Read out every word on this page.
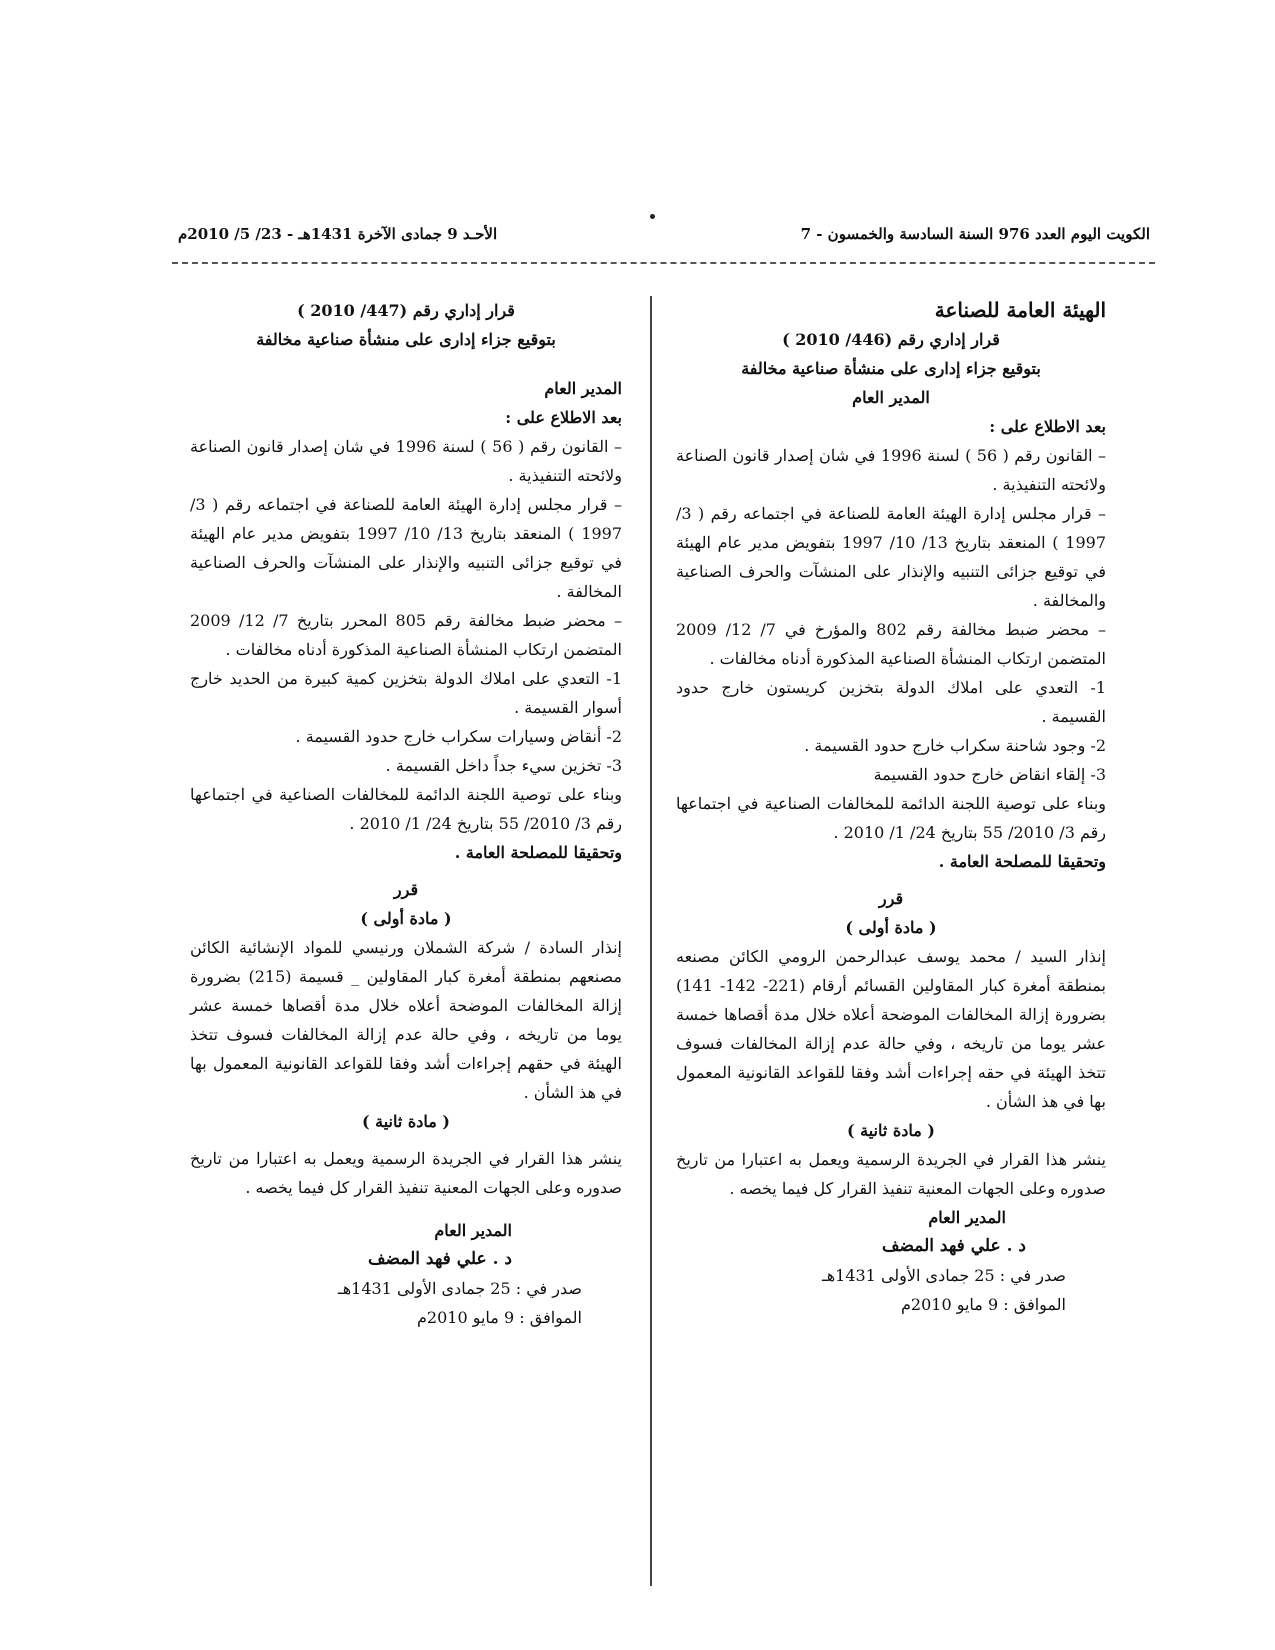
الكويت اليوم العدد 976 السنة السادسة والخمسون - 7
الأحـد 9 جمادى الآخرة 1431هـ - 23/ 5/ 2010م

الهيئة العامة للصناعة

قرار إداري رقم (446/ 2010 )

بتوقيع جزاء إدارى على منشأة صناعية مخالفة

المدير العام

بعد الاطلاع على :

– القانون رقم ( 56 ) لسنة 1996 في شان إصدار قانون الصناعة ولائحته التنفيذية .

– قرار مجلس إدارة الهيئة العامة للصناعة في اجتماعه رقم ( 3/ 1997 ) المنعقد بتاريخ 13/ 10/ 1997 بتفويض مدير عام الهيئة في توقيع جزائى التنبيه والإنذار على المنشآت والحرف الصناعية والمخالفة .

– محضر ضبط مخالفة رقم 802 والمؤرخ في 7/ 12/ 2009 المتضمن ارتكاب المنشأة الصناعية المذكورة أدناه مخالفات .

1- التعدي على املاك الدولة بتخزين كريستون خارج حدود القسيمة .

2- وجود شاحنة سكراب خارج حدود القسيمة .

3- إلقاء انقاض خارج حدود القسيمة

وبناء على توصية اللجنة الدائمة للمخالفات الصناعية في اجتماعها رقم 3/ 2010/ 55 بتاريخ 24/ 1/ 2010 .

وتحقيقا للمصلحة العامة .

قرر

( مادة أولى )

إنذار السيد / محمد يوسف عبدالرحمن الرومي الكائن مصنعه بمنطقة أمغرة كبار المقاولين القسائم أرقام (221- 142- 141) بضرورة إزالة المخالفات الموضحة أعلاه خلال مدة أقصاها خمسة عشر يوما من تاريخه ، وفي حالة عدم إزالة المخالفات فسوف تتخذ الهيئة في حقه إجراءات أشد وفقا للقواعد القانونية المعمول بها في هذ الشأن .

( مادة ثانية )

ينشر هذا القرار في الجريدة الرسمية ويعمل به اعتبارا من تاريخ صدوره وعلى الجهات المعنية تنفيذ القرار كل فيما يخصه .

المدير العام

د . علي فهد المضف

صدر في : 25 جمادى الأولى 1431هـ

الموافق : 9 مايو 2010م

قرار إداري رقم (447/ 2010 )

بتوقيع جزاء إدارى على منشأة صناعية مخالفة

المدير العام

بعد الاطلاع على :

– القانون رقم ( 56 ) لسنة 1996 في شان إصدار قانون الصناعة ولائحته التنفيذية .

– قرار مجلس إدارة الهيئة العامة للصناعة في اجتماعه رقم ( 3/ 1997 ) المنعقد بتاريخ 13/ 10/ 1997 بتفويض مدير عام الهيئة في توقيع جزائى التنبيه والإنذار على المنشآت والحرف الصناعية المخالفة .

– محضر ضبط مخالفة رقم 805 المحرر بتاريخ 7/ 12/ 2009 المتضمن ارتكاب المنشأة الصناعية المذكورة أدناه مخالفات .

1- التعدي على املاك الدولة بتخزين كمية كبيرة من الحديد خارج أسوار القسيمة .

2- أنقاض وسيارات سكراب خارج حدود القسيمة .

3- تخزين سيء جداً داخل القسيمة .

وبناء على توصية اللجنة الدائمة للمخالفات الصناعية في اجتماعها رقم 3/ 2010/ 55 بتاريخ 24/ 1/ 2010 .

وتحقيقا للمصلحة العامة .

قرر

( مادة أولى )

إنذار السادة / شركة الشملان ورنيسي للمواد الإنشائية الكائن مصنعهم بمنطقة أمغرة كبار المقاولين _ قسيمة (215) بضرورة إزالة المخالفات الموضحة أعلاه خلال مدة أقصاها خمسة عشر يوما من تاريخه ، وفي حالة عدم إزالة المخالفات فسوف تتخذ الهيئة في حقهم إجراءات أشد وفقا للقواعد القانونية المعمول بها في هذ الشأن .

( مادة ثانية )

ينشر هذا القرار في الجريدة الرسمية ويعمل به اعتبارا من تاريخ صدوره وعلى الجهات المعنية تنفيذ القرار كل فيما يخصه .

المدير العام

د . علي فهد المضف

صدر في : 25 جمادى الأولى 1431هـ

الموافق : 9 مايو 2010م
